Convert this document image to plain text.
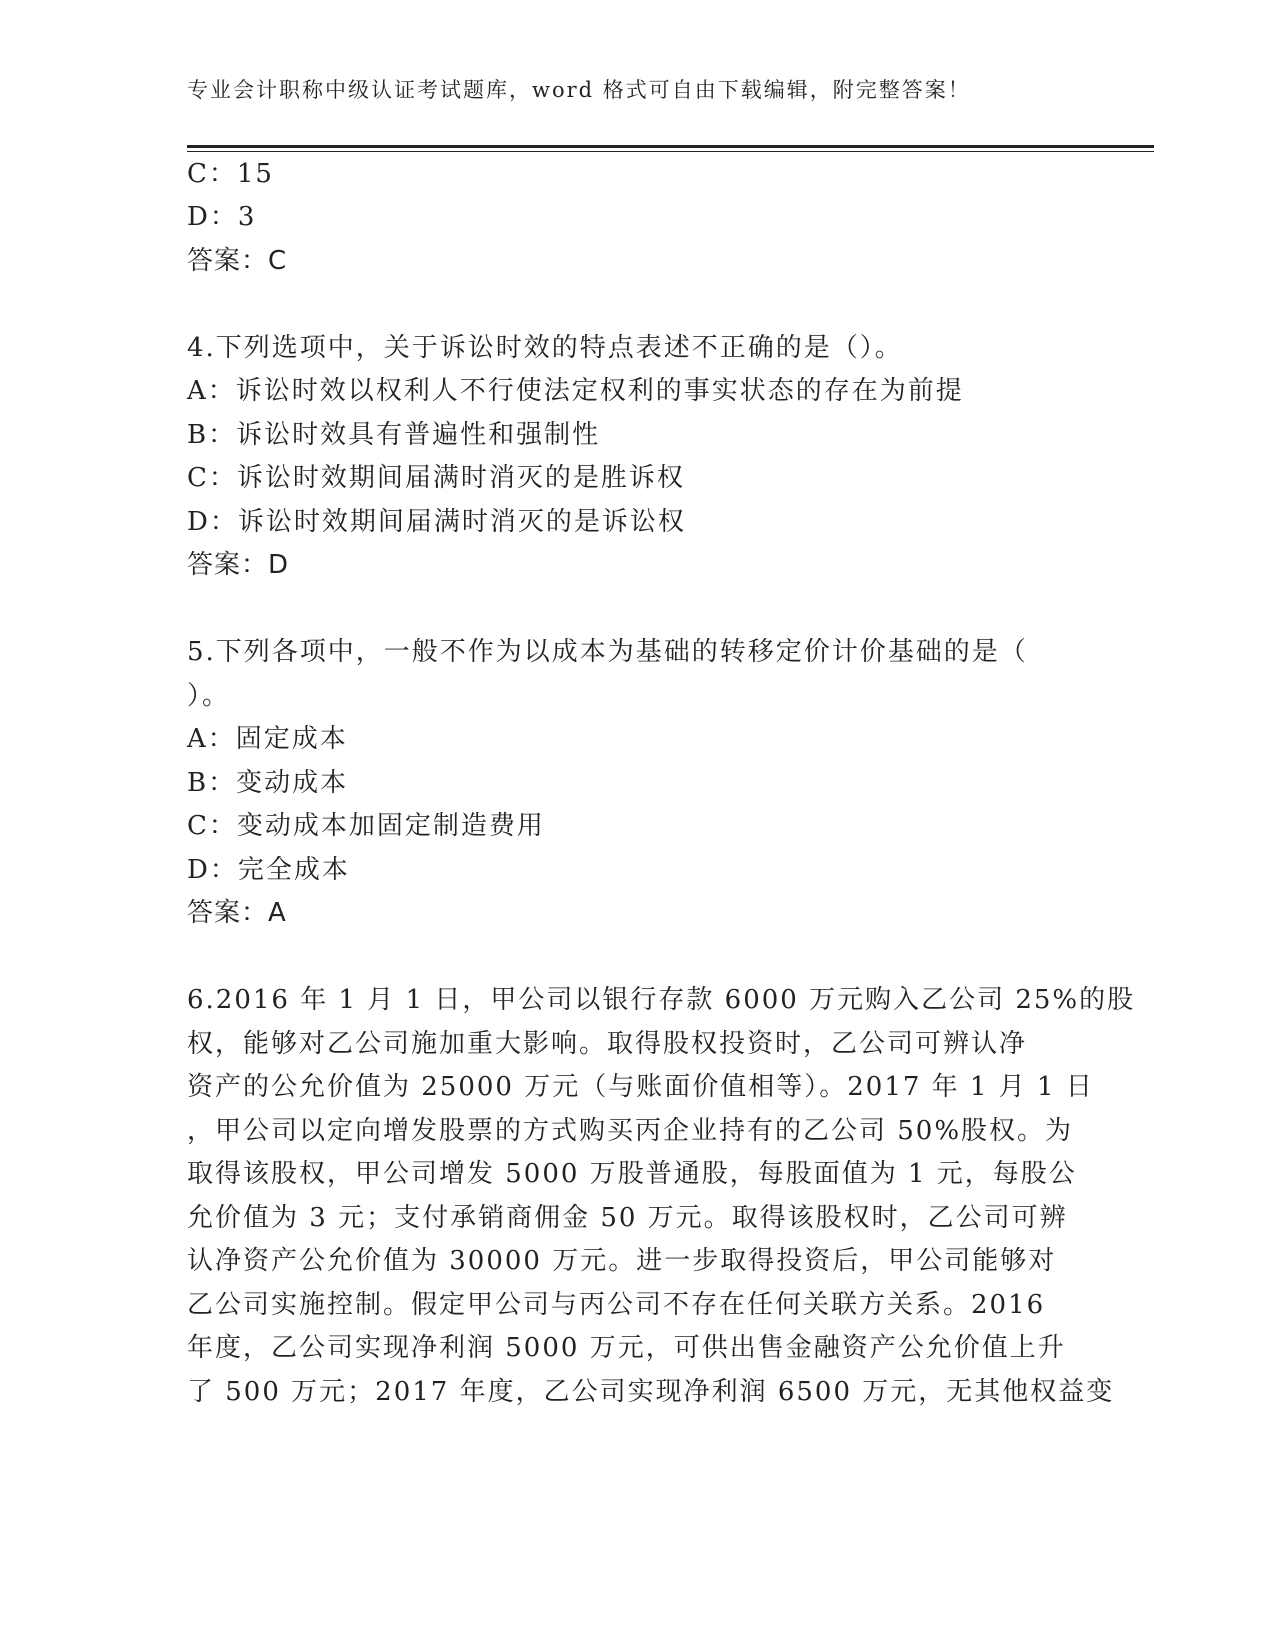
专业会计职称中级认证考试题库，word 格式可自由下载编辑，附完整答案！
C：15
D：3
答案：C
4.下列选项中，关于诉讼时效的特点表述不正确的是（）。
A：诉讼时效以权利人不行使法定权利的事实状态的存在为前提
B：诉讼时效具有普遍性和强制性
C：诉讼时效期间届满时消灭的是胜诉权
D：诉讼时效期间届满时消灭的是诉讼权
答案：D
5.下列各项中，一般不作为以成本为基础的转移定价计价基础的是（
）。
A：固定成本
B：变动成本
C：变动成本加固定制造费用
D：完全成本
答案：A
6.2016 年 1 月 1 日，甲公司以银行存款 6000 万元购入乙公司 25%的股
权，能够对乙公司施加重大影响。取得股权投资时，乙公司可辨认净
资产的公允价值为 25000 万元（与账面价值相等）。2017 年 1 月 1 日
，甲公司以定向增发股票的方式购买丙企业持有的乙公司 50%股权。为
取得该股权，甲公司增发 5000 万股普通股，每股面值为 1 元，每股公
允价值为 3 元；支付承销商佣金 50 万元。取得该股权时，乙公司可辨
认净资产公允价值为 30000 万元。进一步取得投资后，甲公司能够对
乙公司实施控制。假定甲公司与丙公司不存在任何关联方关系。2016
年度，乙公司实现净利润 5000 万元，可供出售金融资产公允价值上升
了 500 万元；2017 年度，乙公司实现净利润 6500 万元，无其他权益变
